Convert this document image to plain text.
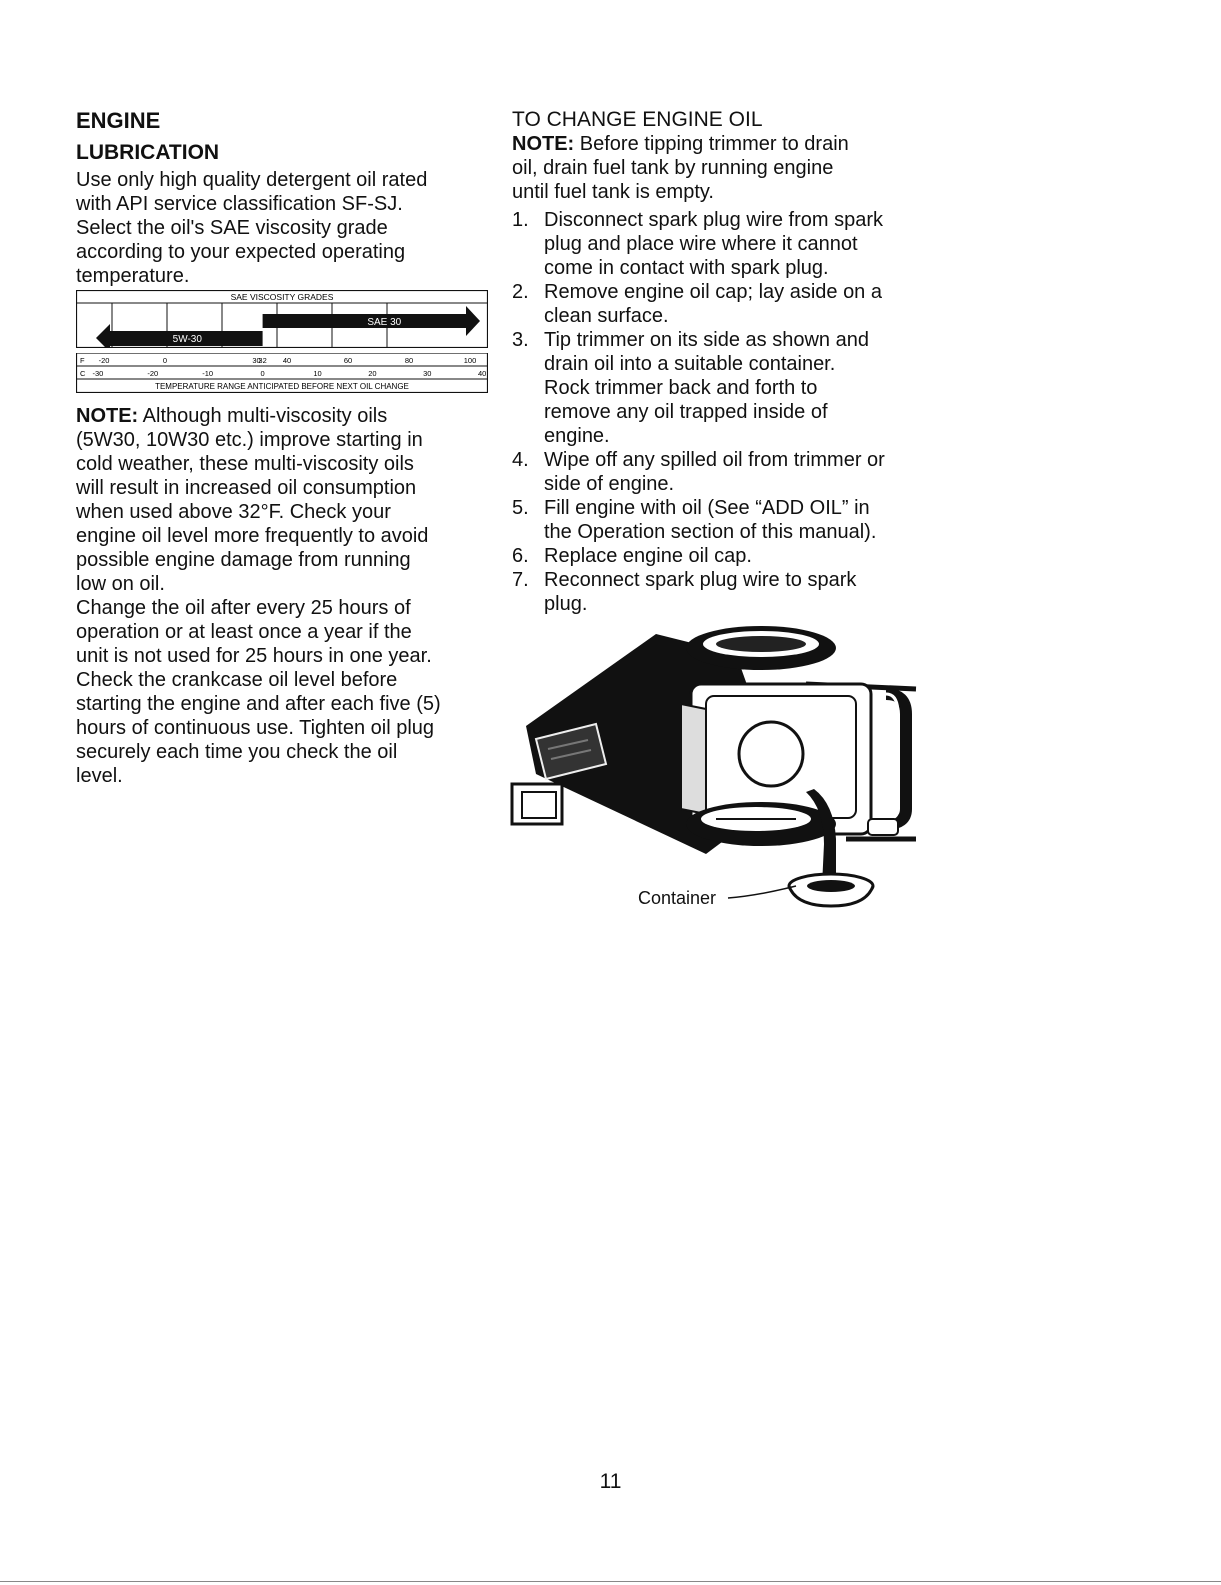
ENGINE
LUBRICATION

Use only high quality detergent oil rated

with API service classification SF-SJ.

Select the oil's SAE viscosity grade

according to your expected operating

temperature.

SAE VISCOSITY GRADES
SAE 30
5W-30

F
C
-20	0	30
32 40	60	80	100
-30	-20	-10	0	10	20	30	40
TEMPERATURE RANGE ANTICIPATED BEFORE NEXT OIL CHANGE

NOTE: Although multi-viscosity oils

(5W30, 10W30 etc.) improve starting in

cold weather, these multi-viscosity oils

will result in increased oil consumption

when used above 32°F. Check your

engine oil level more frequently to avoid

possible engine damage from running

low on oil.

Change the oil after every 25 hours of

operation or at least once a year if the

unit is not used for 25 hours in one year.

Check the crankcase oil level before

starting the engine and after each five (5)

hours of continuous use. Tighten oil plug

securely each time you check the oil

level.

TO CHANGE ENGINE OIL

NOTE: Before tipping trimmer to drain

oil, drain fuel tank by running engine

until fuel tank is empty.

1. Disconnect spark plug wire from spark
plug and place wire where it cannot
come in contact with spark plug.
2. Remove engine oil cap; lay aside on a
clean surface.
3. Tip trimmer on its side as shown and
drain oil into a suitable container.
Rock trimmer back and forth to
remove any oil trapped inside of
engine.
4. Wipe off any spilled oil from trimmer or
side of engine.
5. Fill engine with oil (See “ADD OIL” in
the Operation section of this manual).
6. Replace engine oil cap.
7. Reconnect spark plug wire to spark
plug.
Container
11
